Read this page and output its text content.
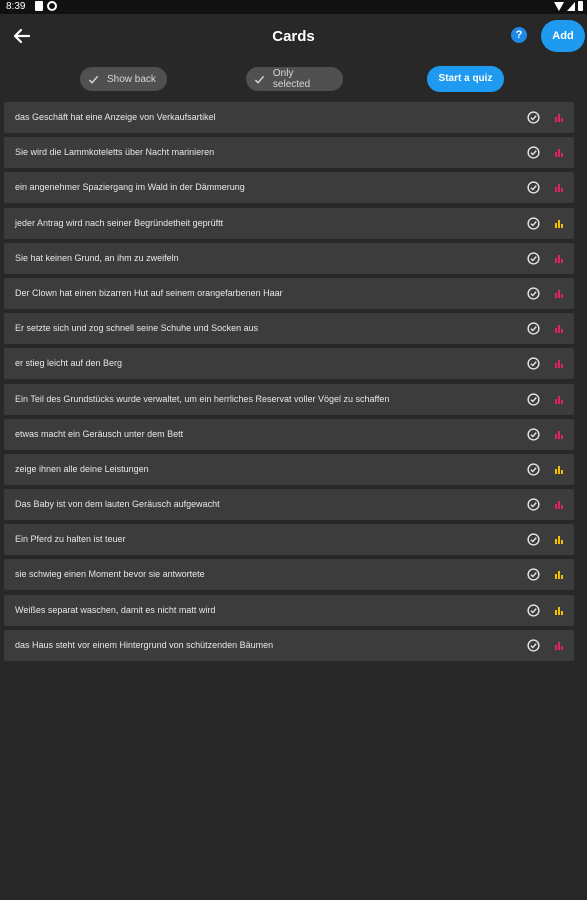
8:39
Cards	?	Add
Show back	Only selected
Start a quiz
das Geschäft hat eine Anzeige von Verkaufsartikel
Sie wird die Lammkoteletts über Nacht marinieren
ein angenehmer Spaziergang im Wald in der Dämmerung
jeder Antrag wird nach seiner Begründetheit geprüftt
Sie hat keinen Grund, an ihm zu zweifeln
Der Clown hat einen bizarren Hut auf seinem orangefarbenen Haar
Er setzte sich und zog schnell seine Schuhe und Socken aus
er stieg leicht auf den Berg
Ein Teil des Grundstücks wurde verwaltet, um ein herrliches Reservat voller Vögel zu schaffen
etwas macht ein Geräusch unter dem Bett
zeige ihnen alle deine Leistungen
Das Baby ist von dem lauten Geräusch aufgewacht
Ein Pferd zu halten ist teuer
sie schwieg einen Moment bevor sie antwortete
Weißes separat waschen, damit es nicht matt wird
das Haus steht vor einem Hintergrund von schützenden Bäumen
